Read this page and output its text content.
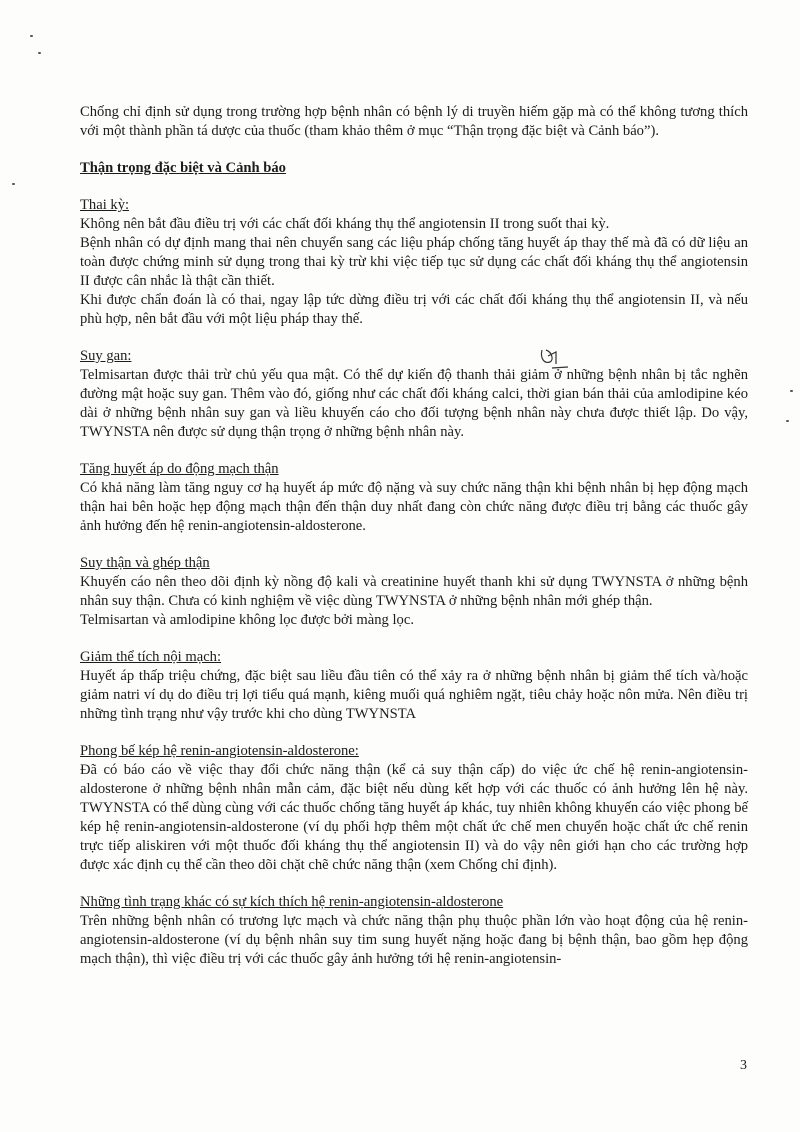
Chống chỉ định sử dụng trong trường hợp bệnh nhân có bệnh lý di truyền hiếm gặp mà có thể không tương thích với một thành phần tá dược của thuốc (tham khảo thêm ở mục “Thận trọng đặc biệt và Cảnh báo”).

Thận trọng đặc biệt và Cảnh báo

Thai kỳ:

Không nên bắt đầu điều trị với các chất đối kháng thụ thể angiotensin II trong suốt thai kỳ.

Bệnh nhân có dự định mang thai nên chuyển sang các liệu pháp chống tăng huyết áp thay thế mà đã có dữ liệu an toàn được chứng minh sử dụng trong thai kỳ trừ khi việc tiếp tục sử dụng các chất đối kháng thụ thể angiotensin II được cân nhắc là thật cần thiết.

Khi được chẩn đoán là có thai, ngay lập tức dừng điều trị với các chất đối kháng thụ thể angiotensin II, và nếu phù hợp, nên bắt đầu với một liệu pháp thay thế.

Suy gan:

Telmisartan được thải trừ chủ yếu qua mật. Có thể dự kiến độ thanh thải giảm ở những bệnh nhân bị tắc nghẽn đường mật hoặc suy gan. Thêm vào đó, giống như các chất đối kháng calci, thời gian bán thải của amlodipine kéo dài ở những bệnh nhân suy gan và liều khuyến cáo cho đối tượng bệnh nhân này chưa được thiết lập. Do vậy, TWYNSTA nên được sử dụng thận trọng ở những bệnh nhân này.

Tăng huyết áp do động mạch thận

Có khả năng làm tăng nguy cơ hạ huyết áp mức độ nặng và suy chức năng thận khi bệnh nhân bị hẹp động mạch thận hai bên hoặc hẹp động mạch thận đến thận duy nhất đang còn chức năng được điều trị bằng các thuốc gây ảnh hưởng đến hệ renin-angiotensin-aldosterone.

Suy thận và ghép thận

Khuyến cáo nên theo dõi định kỳ nồng độ kali và creatinine huyết thanh khi sử dụng TWYNSTA ở những bệnh nhân suy thận. Chưa có kinh nghiệm về việc dùng TWYNSTA ở những bệnh nhân mới ghép thận.

Telmisartan và amlodipine không lọc được bởi màng lọc.

Giảm thể tích nội mạch:

Huyết áp thấp triệu chứng, đặc biệt sau liều đầu tiên có thể xảy ra ở những bệnh nhân bị giảm thể tích và/hoặc giảm natri ví dụ do điều trị lợi tiểu quá mạnh, kiêng muối quá nghiêm ngặt, tiêu chảy hoặc nôn mửa. Nên điều trị những tình trạng như vậy trước khi cho dùng TWYNSTA

Phong bế kép hệ renin-angiotensin-aldosterone:

Đã có báo cáo về việc thay đổi chức năng thận (kể cả suy thận cấp) do việc ức chế hệ renin-angiotensin-aldosterone ở những bệnh nhân mẫn cảm, đặc biệt nếu dùng kết hợp với các thuốc có ảnh hưởng lên hệ này. TWYNSTA có thể dùng cùng với các thuốc chống tăng huyết áp khác, tuy nhiên không khuyến cáo việc phong bế kép hệ renin-angiotensin-aldosterone (ví dụ phối hợp thêm một chất ức chế men chuyển hoặc chất ức chế renin trực tiếp aliskiren với một thuốc đối kháng thụ thể angiotensin II) và do vậy nên giới hạn cho các trường hợp được xác định cụ thể cần theo dõi chặt chẽ chức năng thận (xem Chống chỉ định).

Những tình trạng khác có sự kích thích hệ renin-angiotensin-aldosterone

Trên những bệnh nhân có trương lực mạch và chức năng thận phụ thuộc phần lớn vào hoạt động của hệ renin-angiotensin-aldosterone (ví dụ bệnh nhân suy tim sung huyết nặng hoặc đang bị bệnh thận, bao gồm hẹp động mạch thận), thì việc điều trị với các thuốc gây ảnh hưởng tới hệ renin-angiotensin-

3
